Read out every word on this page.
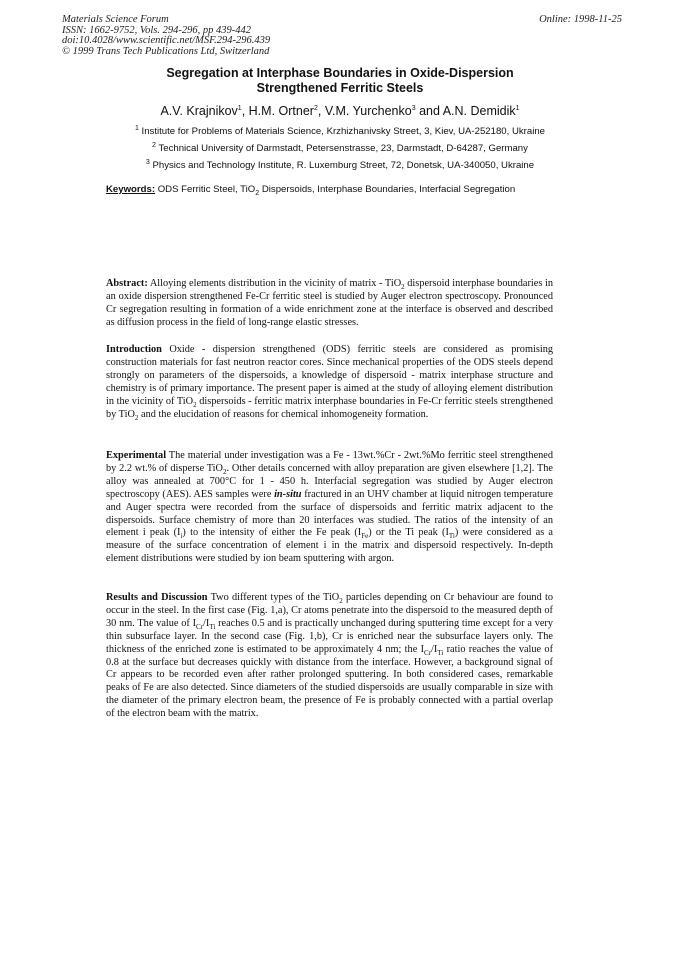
Materials Science Forum
ISSN: 1662-9752, Vols. 294-296, pp 439-442
doi:10.4028/www.scientific.net/MSF.294-296.439
© 1999 Trans Tech Publications Ltd, Switzerland
Online: 1998-11-25
Segregation at Interphase Boundaries in Oxide-Dispersion
Strengthened Ferritic Steels
A.V. Krajnikov$^1$, H.M. Ortner$^2$, V.M. Yurchenko$^3$ and A.N. Demidik$^1$
$^1$ Institute for Problems of Materials Science, Krzhizhanivsky Street, 3, Kiev, UA-252180, Ukraine
$^2$ Technical University of Darmstadt, Petersenstrasse, 23, Darmstadt, D-64287, Germany
$^3$ Physics and Technology Institute, R. Luxemburg Street, 72, Donetsk, UA-340050, Ukraine
Keywords: ODS Ferritic Steel, TiO$_2$ Dispersoids, Interphase Boundaries, Interfacial Segregation
Abstract: Alloying elements distribution in the vicinity of matrix - TiO$_2$ dispersoid interphase boundaries in an oxide dispersion strengthened Fe-Cr ferritic steel is studied by Auger electron spectroscopy. Pronounced Cr segregation resulting in formation of a wide enrichment zone at the interface is observed and described as diffusion process in the field of long-range elastic stresses.
Introduction Oxide - dispersion strengthened (ODS) ferritic steels are considered as promising construction materials for fast neutron reactor cores. Since mechanical properties of the ODS steels depend strongly on parameters of the dispersoids, a knowledge of dispersoid - matrix interphase structure and chemistry is of primary importance. The present paper is aimed at the study of alloying element distribution in the vicinity of TiO$_2$ dispersoids - ferritic matrix interphase boundaries in Fe-Cr ferritic steels strengthened by TiO$_2$ and the elucidation of reasons for chemical inhomogeneity formation.
Experimental The material under investigation was a Fe - 13wt.%Cr - 2wt.%Mo ferritic steel strengthened by 2.2 wt.% of disperse TiO$_2$. Other details concerned with alloy preparation are given elsewhere [1,2]. The alloy was annealed at 700°C for 1 - 450 h. Interfacial segregation was studied by Auger electron spectroscopy (AES). AES samples were in-situ fractured in an UHV chamber at liquid nitrogen temperature and Auger spectra were recorded from the surface of dispersoids and ferritic matrix adjacent to the dispersoids. Surface chemistry of more than 20 interfaces was studied. The ratios of the intensity of an element i peak $(I_i)$ to the intensity of either the Fe peak $(I_{Fe})$ or the Ti peak $(I_{Ti})$ were considered as a measure of the surface concentration of element i in the matrix and dispersoid respectively. In-depth element distributions were studied by ion beam sputtering with argon.
Results and Discussion Two different types of the TiO$_2$ particles depending on Cr behaviour are found to occur in the steel. In the first case (Fig. 1,a), Cr atoms penetrate into the dispersoid to the measured depth of 30 nm. The value of $I_{Cr}/I_{Ti}$ reaches 0.5 and is practically unchanged during sputtering time except for a very thin subsurface layer. In the second case (Fig. 1,b), Cr is enriched near the subsurface layers only. The thickness of the enriched zone is estimated to be approximately 4 nm; the $I_{Cr}/I_{Ti}$ ratio reaches the value of 0.8 at the surface but decreases quickly with distance from the interface. However, a background signal of Cr appears to be recorded even after rather prolonged sputtering. In both considered cases, remarkable peaks of Fe are also detected. Since diameters of the studied dispersoids are usually comparable in size with the diameter of the primary electron beam, the presence of Fe is probably connected with a partial overlap of the electron beam with the matrix.
